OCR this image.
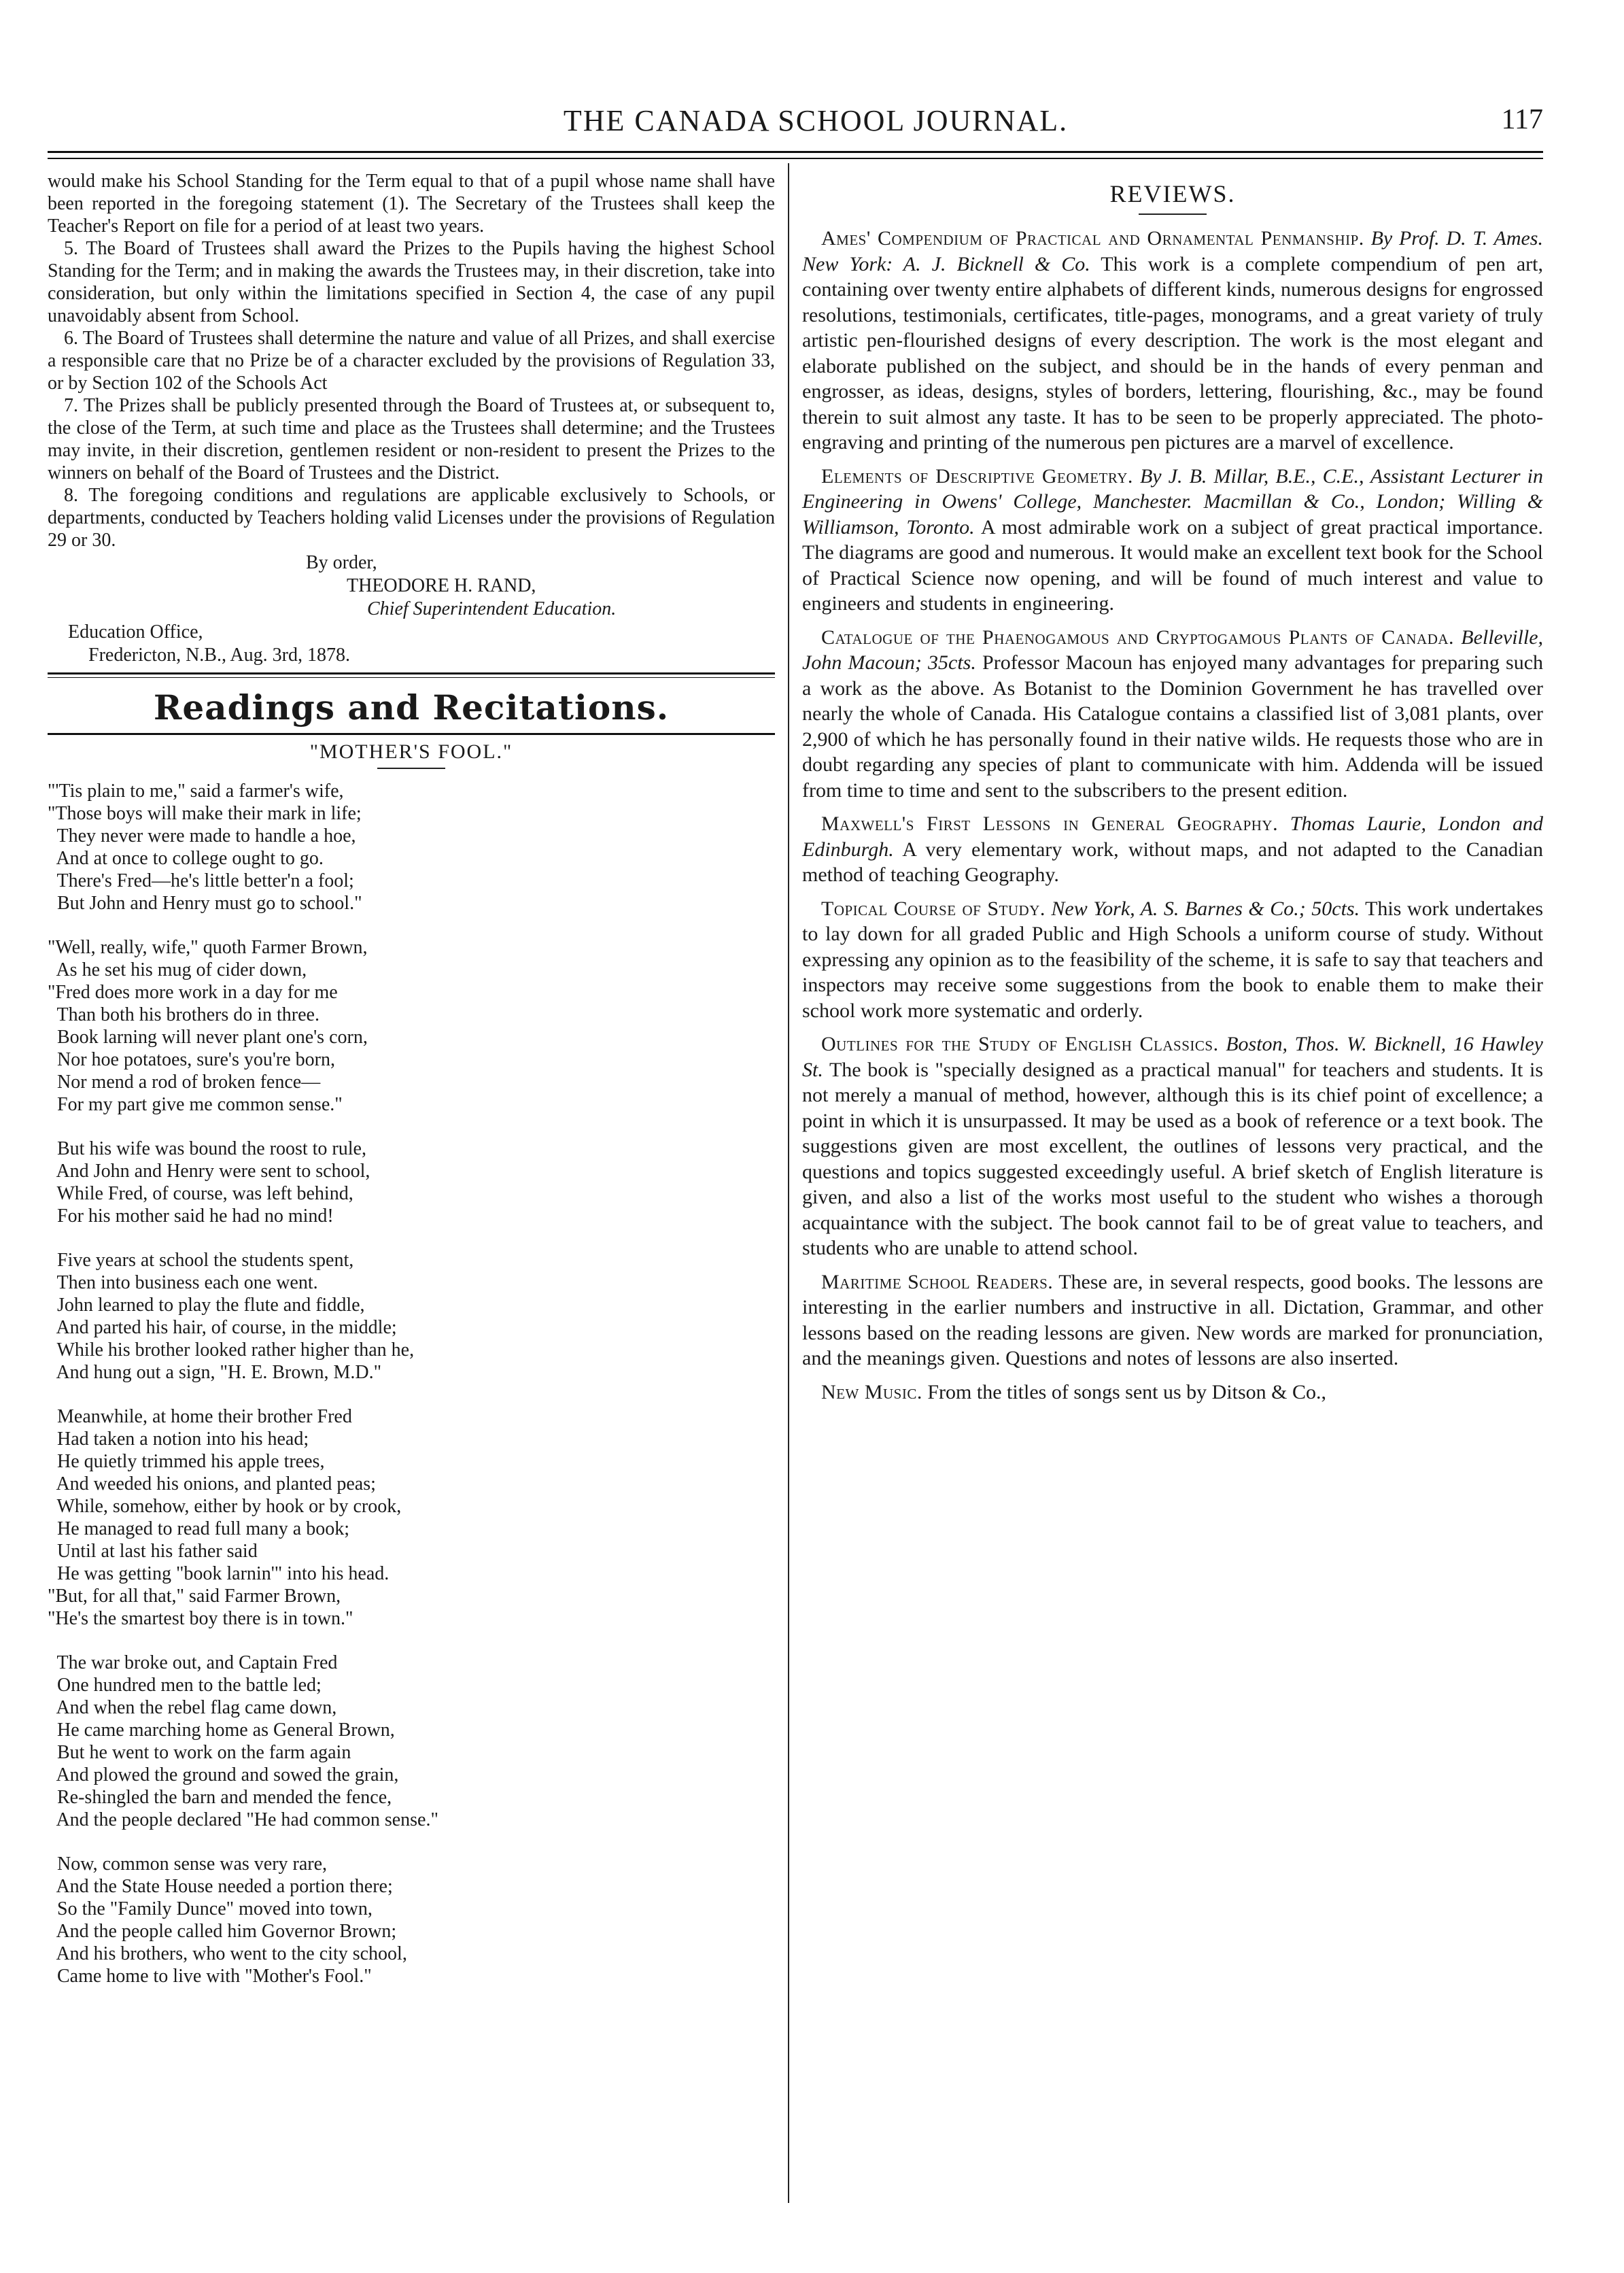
THE CANADA SCHOOL JOURNAL.	117

would make his School Standing for the Term equal to that of a pupil whose name shall have been reported in the foregoing statement (1). The Secretary of the Trustees shall keep the Teacher's Report on file for a period of at least two years.

5. The Board of Trustees shall award the Prizes to the Pupils having the highest School Standing for the Term; and in making the awards the Trustees may, in their discretion, take into consideration, but only within the limitations specified in Section 4, the case of any pupil unavoidably absent from School.

6. The Board of Trustees shall determine the nature and value of all Prizes, and shall exercise a responsible care that no Prize be of a character excluded by the provisions of Regulation 33, or by Section 102 of the Schools Act

7. The Prizes shall be publicly presented through the Board of Trustees at, or subsequent to, the close of the Term, at such time and place as the Trustees shall determine; and the Trustees may invite, in their discretion, gentlemen resident or non-resident to present the Prizes to the winners on behalf of the Board of Trustees and the District.

8. The foregoing conditions and regulations are applicable exclusively to Schools, or departments, conducted by Teachers holding valid Licenses under the provisions of Regulation 29 or 30.

By order,
THEODORE H. RAND,
Chief Superintendent Education.
Education Office,
Fredericton, N.B., Aug. 3rd, 1878.
Readings and Recitations.
"MOTHER'S FOOL."
"'Tis plain to me," said a farmer's wife,
"Those boys will make their mark in life;
They never were made to handle a hoe,
And at once to college ought to go.
There's Fred—he's little better'n a fool;
But John and Henry must go to school."
"Well, really, wife," quoth Farmer Brown,
As he set his mug of cider down,
"Fred does more work in a day for me
Than both his brothers do in three.
Book larning will never plant one's corn,
Nor hoe potatoes, sure's you're born,
Nor mend a rod of broken fence—
For my part give me common sense."
But his wife was bound the roost to rule,
And John and Henry were sent to school,
While Fred, of course, was left behind,
For his mother said he had no mind!
Five years at school the students spent,
Then into business each one went.
John learned to play the flute and fiddle,
And parted his hair, of course, in the middle;
While his brother looked rather higher than he,
And hung out a sign, "H. E. Brown, M.D."
Meanwhile, at home their brother Fred
Had taken a notion into his head;
He quietly trimmed his apple trees,
And weeded his onions, and planted peas;
While, somehow, either by hook or by crook,
He managed to read full many a book;
Until at last his father said
He was getting "book larnin'" into his head.
"But, for all that," said Farmer Brown,
"He's the smartest boy there is in town."
The war broke out, and Captain Fred
One hundred men to the battle led;
And when the rebel flag came down,
He came marching home as General Brown,
But he went to work on the farm again
And plowed the ground and sowed the grain,
Re-shingled the barn and mended the fence,
And the people declared "He had common sense."
Now, common sense was very rare,
And the State House needed a portion there;
So the "Family Dunce" moved into town,
And the people called him Governor Brown;
And his brothers, who went to the city school,
Came home to live with "Mother's Fool."
REVIEWS.

Ames' Compendium of Practical and Ornamental Penmanship. By Prof. D. T. Ames. New York: A. J. Bicknell & Co. This work is a complete compendium of pen art, containing over twenty entire alphabets of different kinds, numerous designs for engrossed resolutions, testimonials, certificates, title-pages, monograms, and a great variety of truly artistic pen-flourished designs of every description. The work is the most elegant and elaborate published on the subject, and should be in the hands of every penman and engrosser, as ideas, designs, styles of borders, lettering, flourishing, &c., may be found therein to suit almost any taste. It has to be seen to be properly appreciated. The photo-engraving and printing of the numerous pen pictures are a marvel of excellence.

Elements of Descriptive Geometry. By J. B. Millar, B.E., C.E., Assistant Lecturer in Engineering in Owens' College, Manchester. Macmillan & Co., London; Willing & Williamson, Toronto. A most admirable work on a subject of great practical importance. The diagrams are good and numerous. It would make an excellent text book for the School of Practical Science now opening, and will be found of much interest and value to engineers and students in engineering.

Catalogue of the Phaenogamous and Cryptogamous Plants of Canada. Belleville, John Macoun; 35cts. Professor Macoun has enjoyed many advantages for preparing such a work as the above. As Botanist to the Dominion Government he has travelled over nearly the whole of Canada. His Catalogue contains a classified list of 3,081 plants, over 2,900 of which he has personally found in their native wilds. He requests those who are in doubt regarding any species of plant to communicate with him. Addenda will be issued from time to time and sent to the subscribers to the present edition.

Maxwell's First Lessons in General Geography. Thomas Laurie, London and Edinburgh. A very elementary work, without maps, and not adapted to the Canadian method of teaching Geography.

Topical Course of Study. New York, A. S. Barnes & Co.; 50cts. This work undertakes to lay down for all graded Public and High Schools a uniform course of study. Without expressing any opinion as to the feasibility of the scheme, it is safe to say that teachers and inspectors may receive some suggestions from the book to enable them to make their school work more systematic and orderly.

Outlines for the Study of English Classics. Boston, Thos. W. Bicknell, 16 Hawley St. The book is "specially designed as a practical manual" for teachers and students. It is not merely a manual of method, however, although this is its chief point of excellence; a point in which it is unsurpassed. It may be used as a book of reference or a text book. The suggestions given are most excellent, the outlines of lessons very practical, and the questions and topics suggested exceedingly useful. A brief sketch of English literature is given, and also a list of the works most useful to the student who wishes a thorough acquaintance with the subject. The book cannot fail to be of great value to teachers, and students who are unable to attend school.

Maritime School Readers. These are, in several respects, good books. The lessons are interesting in the earlier numbers and instructive in all. Dictation, Grammar, and other lessons based on the reading lessons are given. New words are marked for pronunciation, and the meanings given. Questions and notes of lessons are also inserted.

New Music. From the titles of songs sent us by Ditson & Co.,
